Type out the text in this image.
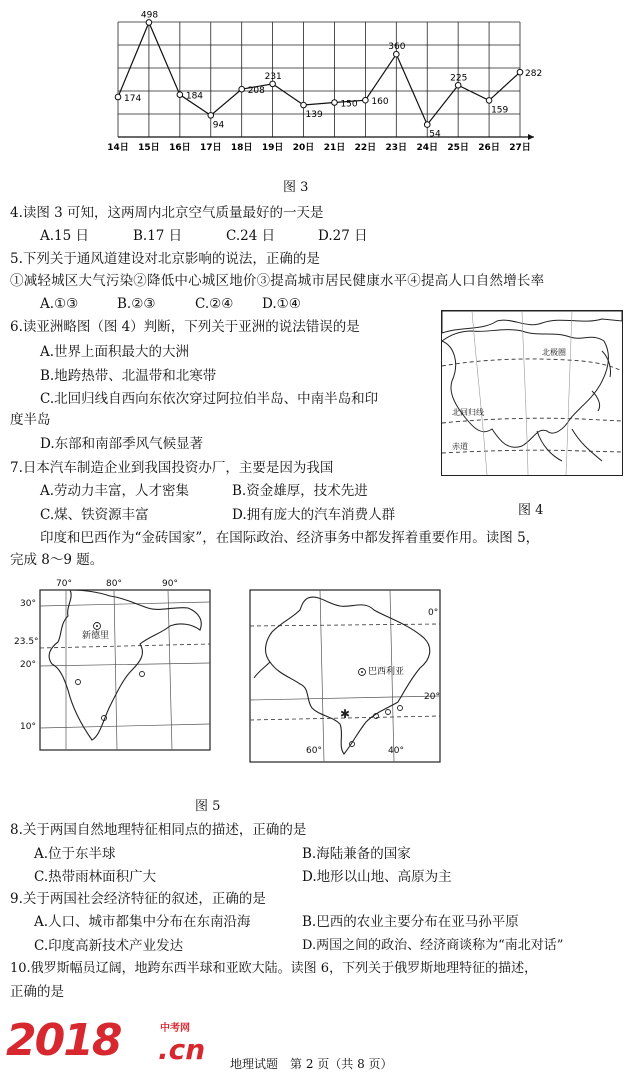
174
498
184
94
208
231
139
150 160
360
54
225
159
282
14日 15日 16日 17日 18日 19日 20日 21日 22日 23日 24日 25日 26日 27日
图 3
4.读图 3 可知，这两周内北京空气质量最好的一天是
A.15 日	B.17 日	C.24 日	D.27 日
5.下列关于通风道建设对北京影响的说法，正确的是
①减轻城区大气污染②降低中心城区地价③提高城市居民健康水平④提高人口自然增长率
A.①③	B.②③	C.②④ D.①④
6.读亚洲略图（图 4）判断，下列关于亚洲的说法错误的是
A.世界上面积最大的大洲
B.地跨热带、北温带和北寒带
C.北回归线自西向东依次穿过阿拉伯半岛、中南半岛和印
度半岛
D.东部和南部季风气候显著
北极圈
北回归线
赤道
图 4
7.日本汽车制造企业到我国投资办厂，主要是因为我国
A.劳动力丰富，人才密集	B.资金雄厚，技术先进
C.煤、铁资源丰富	D.拥有庞大的汽车消费人群
印度和巴西作为“金砖国家”，在国际政治、经济事务中都发挥着重要作用。读图 5，
完成 8～9 题。
70°	80°	90°
30°
23.5°
20°
10°
新德里
✱
0°
20°
60°	40°
巴西利亚
图 5
8.关于两国自然地理特征相同点的描述，正确的是
A.位于东半球	B.海陆兼备的国家
C.热带雨林面积广大	D.地形以山地、高原为主
9.关于两国社会经济特征的叙述，正确的是
A.人口、城市都集中分布在东南沿海	B.巴西的农业主要分布在亚马孙平原
C.印度高新技术产业发达	D.两国之间的政治、经济商谈称为“南北对话”
10.俄罗斯幅员辽阔，地跨东西半球和亚欧大陆。读图 6，下列关于俄罗斯地理特征的描述，
正确的是
2018	中考网
.cn 地理试题　第 2 页（共 8 页）
